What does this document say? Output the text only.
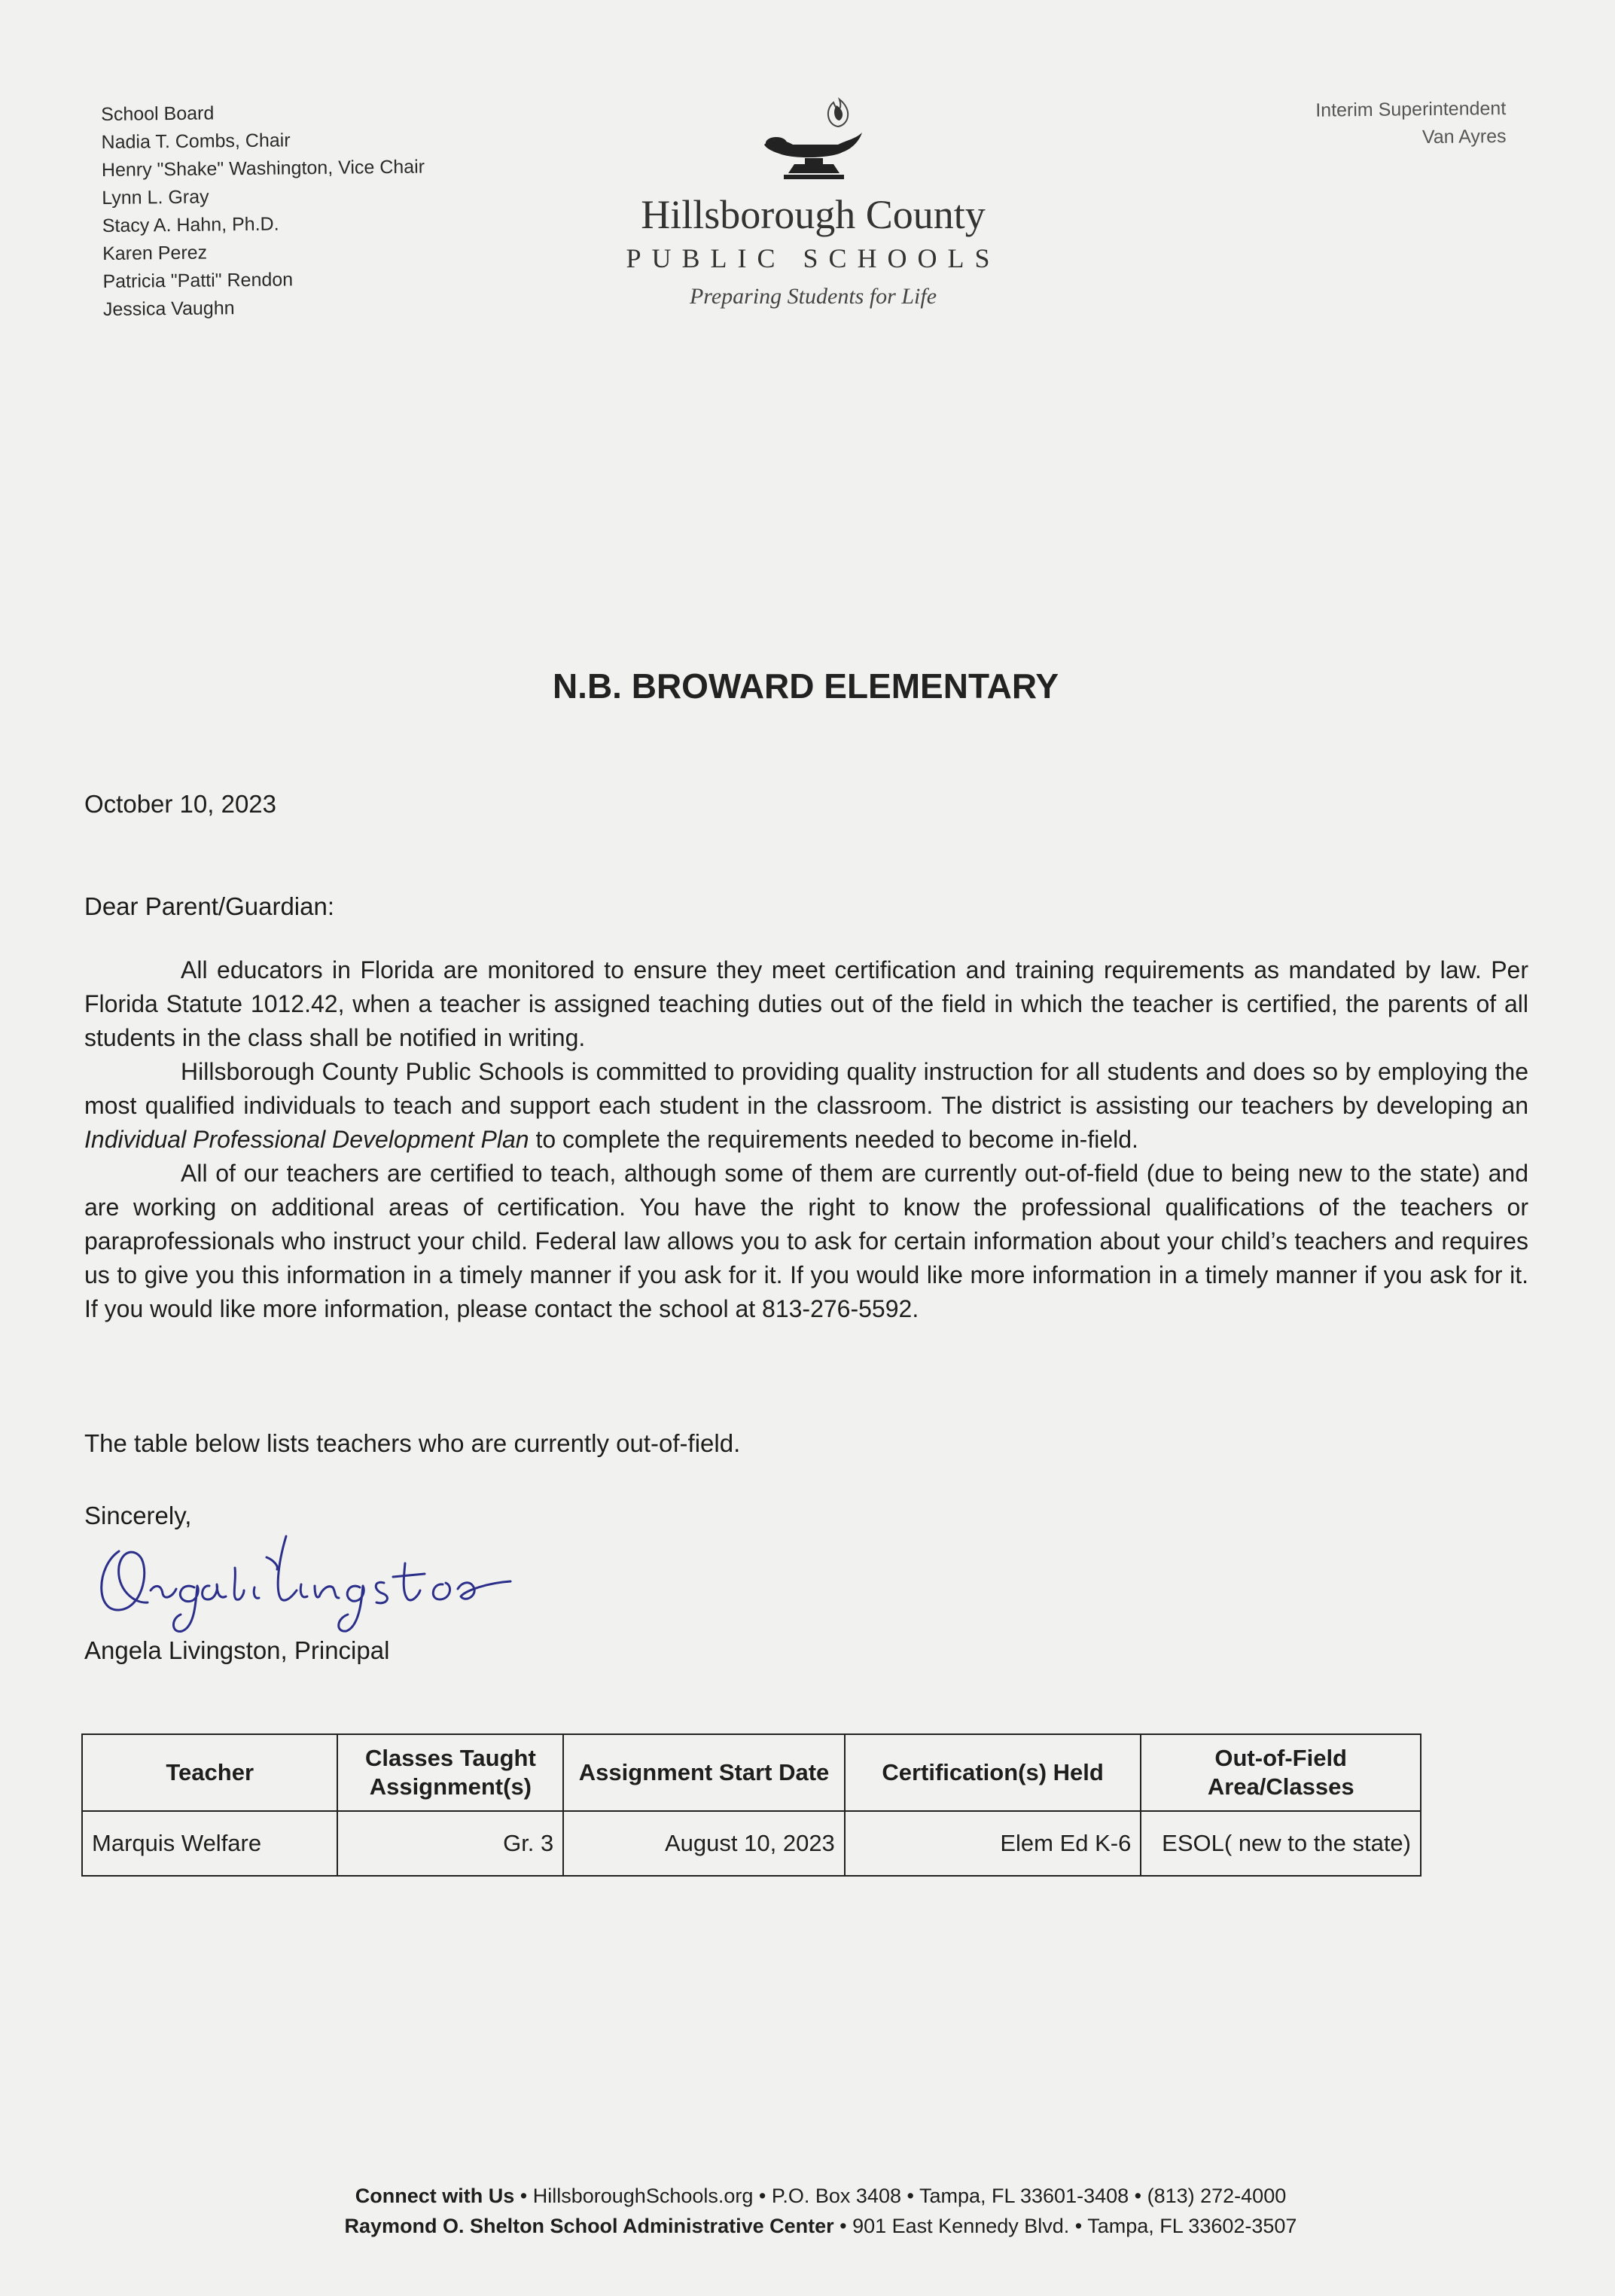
School Board
Nadia T. Combs, Chair
Henry "Shake" Washington, Vice Chair
Lynn L. Gray
Stacy A. Hahn, Ph.D.
Karen Perez
Patricia "Patti" Rendon
Jessica Vaughn
Hillsborough County
PUBLIC SCHOOLS
Preparing Students for Life
Interim Superintendent
Van Ayres
N.B. BROWARD ELEMENTARY
October 10, 2023
Dear Parent/Guardian:

All educators in Florida are monitored to ensure they meet certification and training requirements as mandated by law. Per Florida Statute 1012.42, when a teacher is assigned teaching duties out of the field in which the teacher is certified, the parents of all students in the class shall be notified in writing.

Hillsborough County Public Schools is committed to providing quality instruction for all students and does so by employing the most qualified individuals to teach and support each student in the classroom. The district is assisting our teachers by developing an Individual Professional Development Plan to complete the requirements needed to become in-field.

All of our teachers are certified to teach, although some of them are currently out-of-field (due to being new to the state) and are working on additional areas of certification. You have the right to know the professional qualifications of the teachers or paraprofessionals who instruct your child. Federal law allows you to ask for certain information about your child’s teachers and requires us to give you this information in a timely manner if you ask for it. If you would like more information in a timely manner if you ask for it. If you would like more information, please contact the school at 813-276-5592.

The table below lists teachers who are currently out-of-field.
Sincerely,
Angela Livingston, Principal
Teacher	Classes Taught Assignment(s)	Assignment Start Date	Certification(s) Held	Out-of-Field Area/Classes
Marquis Welfare	Gr. 3	August 10, 2023	Elem Ed K-6	ESOL( new to the state)
Connect with Us • HillsboroughSchools.org • P.O. Box 3408 • Tampa, FL 33601-3408 • (813) 272-4000
Raymond O. Shelton School Administrative Center • 901 East Kennedy Blvd. • Tampa, FL 33602-3507
